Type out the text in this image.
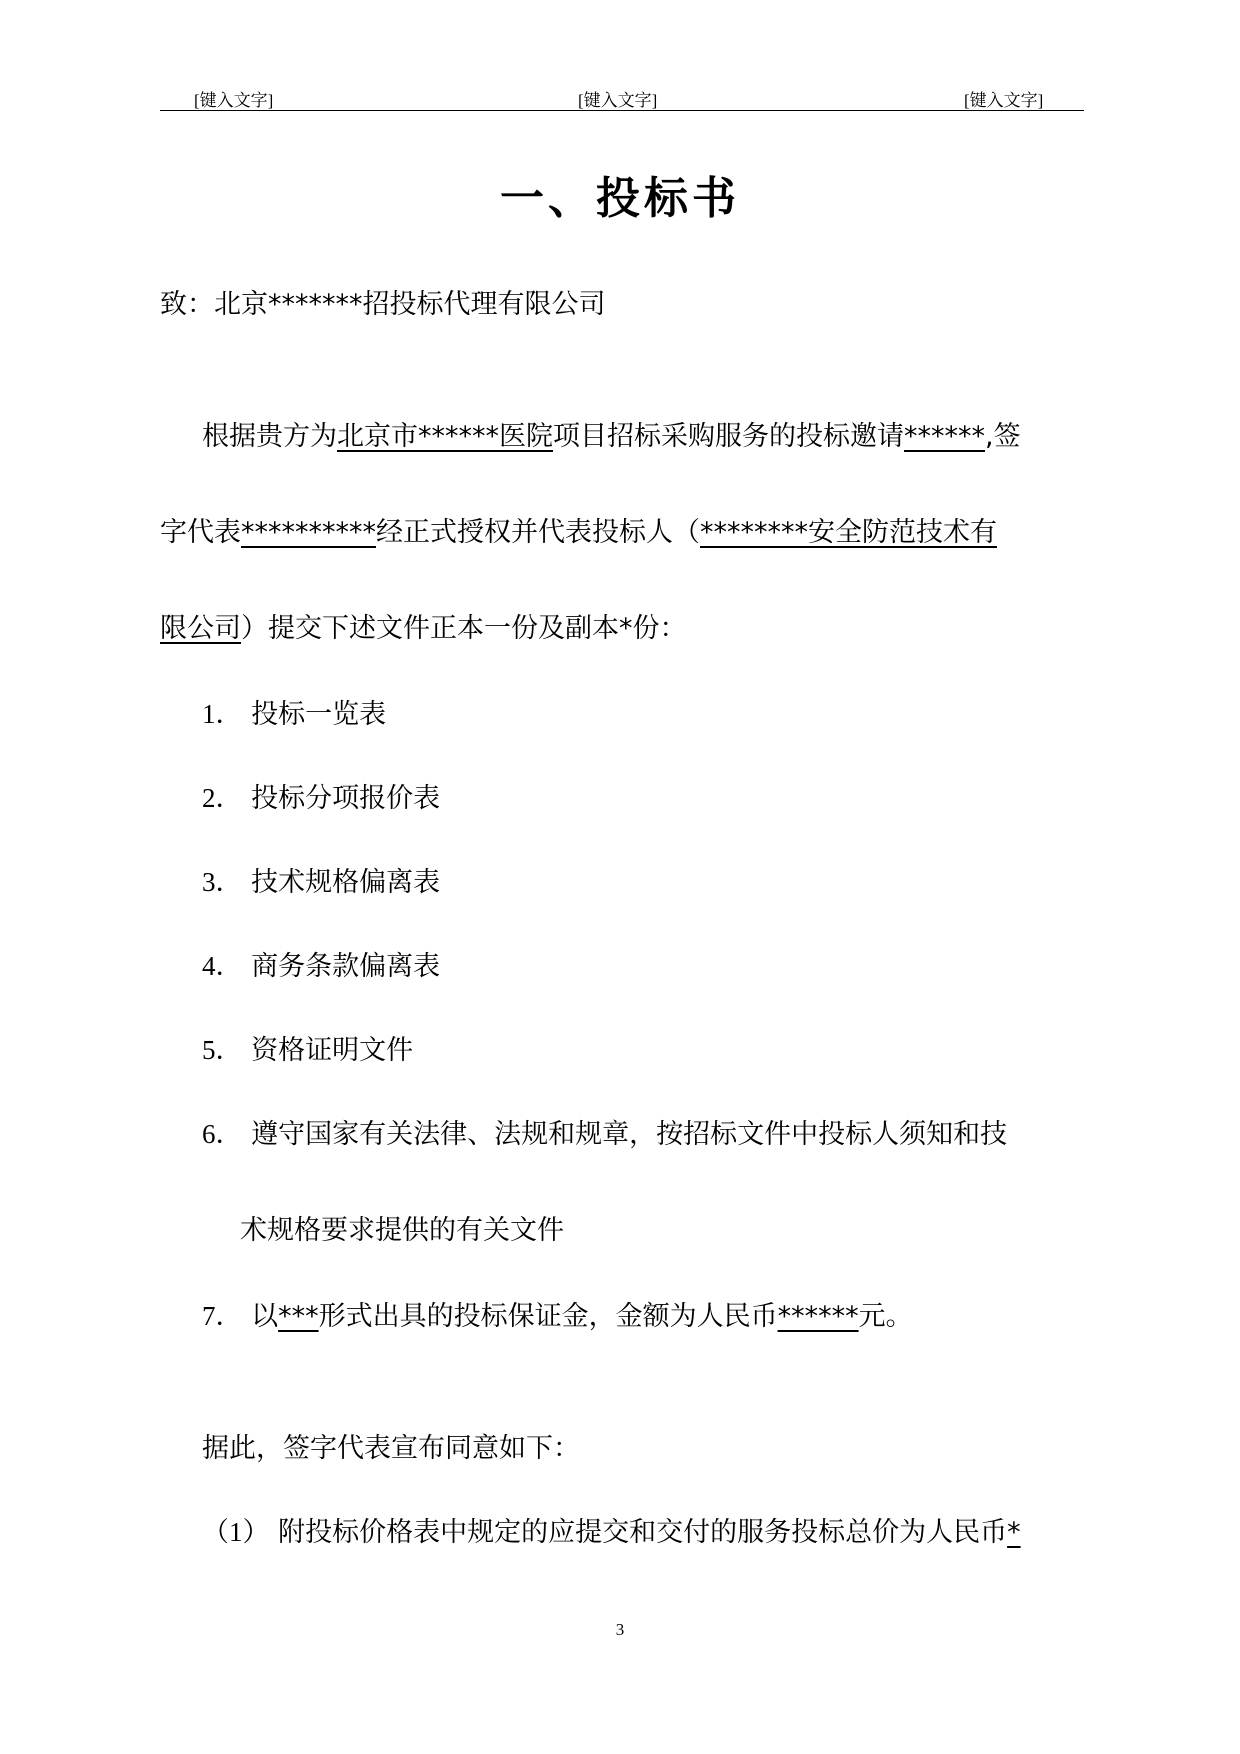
[键入文字]	[键入文字]	[键入文字]
一、投标书
致：北京*******招投标代理有限公司
根据贵方为北京市******医院项目招标采购服务的投标邀请******,签
字代表**********经正式授权并代表投标人（********安全防范技术有
限公司）提交下述文件正本一份及副本*份：
1． 投标一览表
2． 投标分项报价表
3． 技术规格偏离表
4． 商务条款偏离表
5． 资格证明文件
6． 遵守国家有关法律、法规和规章，按招标文件中投标人须知和技
术规格要求提供的有关文件
7． 以***形式出具的投标保证金，金额为人民币******元。
据此，签字代表宣布同意如下：
（1） 附投标价格表中规定的应提交和交付的服务投标总价为人民币*
3
